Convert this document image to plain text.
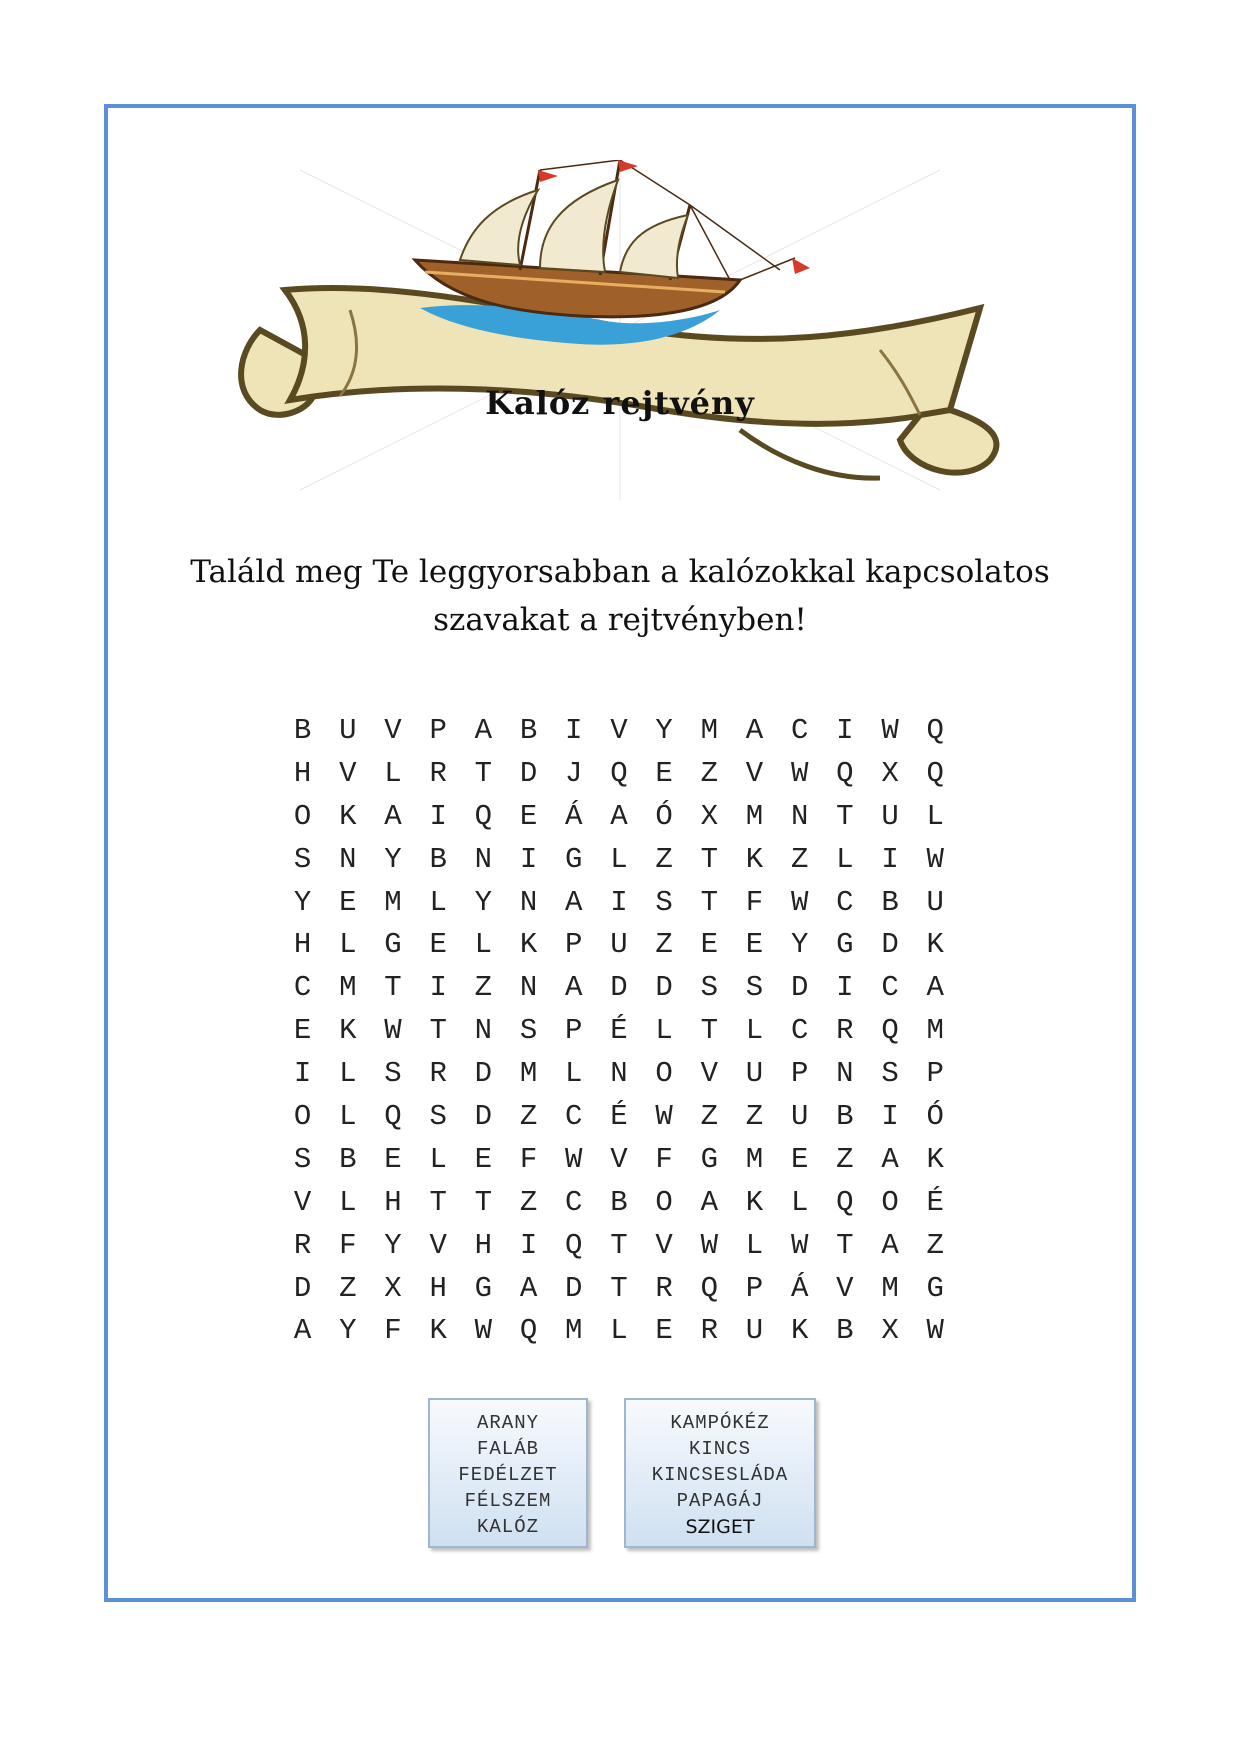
Kalóz rejtvény
Találd meg Te leggyorsabban a kalózokkal kapcsolatos
szavakat a rejtvényben!
B U V P A B I V Y M A C I W Q
H V L R T D J Q E Z V W Q X Q
O K A I Q E Á A Ó X M N T U L
S N Y B N I G L Z T K Z L I W
Y E M L Y N A I S T F W C B U
H L G E L K P U Z E E Y G D K
C M T I Z N A D D S S D I C A
E K W T N S P É L T L C R Q M
I L S R D M L N O V U P N S P
O L Q S D Z C É W Z Z U B I Ó
S B E L E F W V F G M E Z A K
V L H T T Z C B O A K L Q O É
R F Y V H I Q T V W L W T A Z
D Z X H G A D T R Q P Á V M G
A Y F K W Q M L E R U K B X W
ARANY
FALÁB
FEDÉLZET
FÉLSZEM
KALÓZ
KAMPÓKÉZ
KINCS
KINCSESLÁDA
PAPAGÁJ
SZIGET
